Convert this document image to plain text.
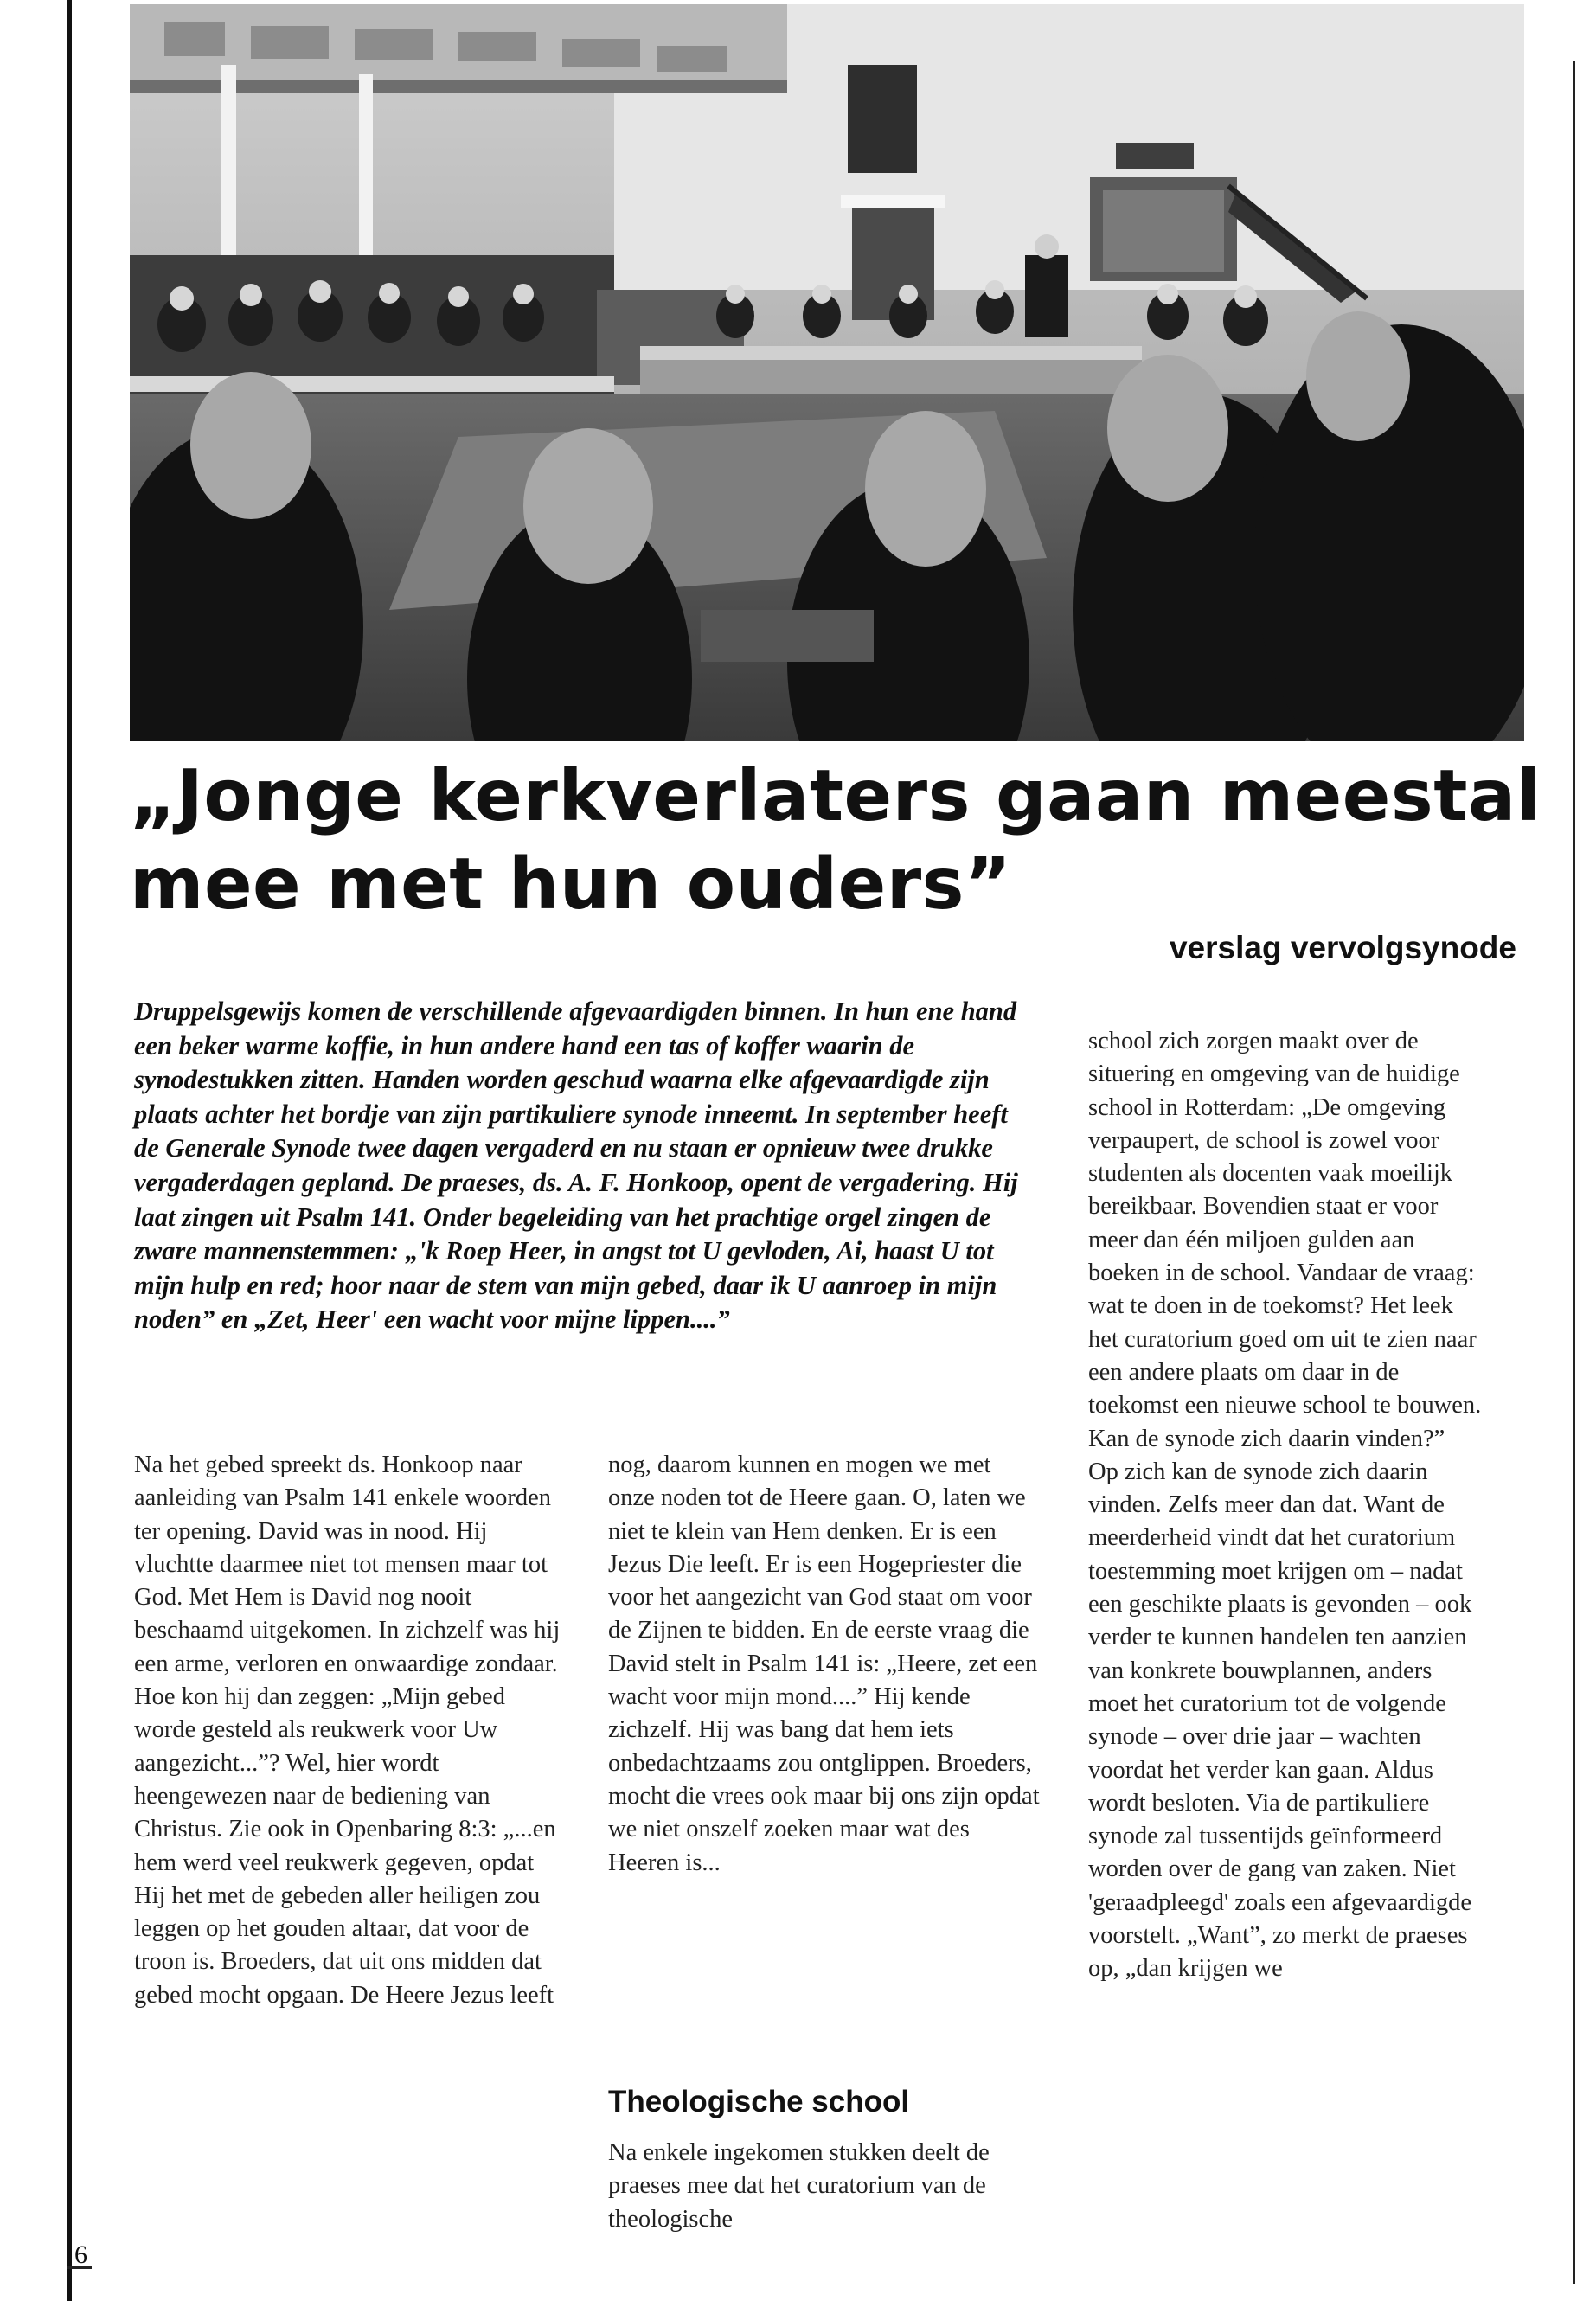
„Jonge kerkverlaters gaan meestal
mee met hun ouders”
verslag vervolgsynode

Druppelsgewijs komen de verschillende afgevaardigden binnen. In hun ene hand een beker warme koffie, in hun andere hand een tas of koffer waarin de synodestukken zitten. Handen worden geschud waarna elke afgevaardigde zijn plaats achter het bordje van zijn partikuliere synode inneemt. In september heeft de Generale Synode twee dagen vergaderd en nu staan er opnieuw twee drukke vergaderdagen gepland. De praeses, ds. A. F. Honkoop, opent de vergadering. Hij laat zingen uit Psalm 141. Onder begeleiding van het prachtige orgel zingen de zware mannenstemmen: „'k Roep Heer, in angst tot U gevloden, Ai, haast U tot mijn hulp en red; hoor naar de stem van mijn gebed, daar ik U aanroep in mijn noden” en „Zet, Heer' een wacht voor mijne lippen....”

Na het gebed spreekt ds. Honkoop naar aanleiding van Psalm 141 enkele woorden ter opening. David was in nood. Hij vluchtte daarmee niet tot mensen maar tot God. Met Hem is David nog nooit beschaamd uitgekomen. In zichzelf was hij een arme, verloren en onwaardige zondaar. Hoe kon hij dan zeggen: „Mijn gebed worde gesteld als reukwerk voor Uw aangezicht...”? Wel, hier wordt heengewezen naar de bediening van Christus. Zie ook in Openbaring 8:3: „...en hem werd veel reukwerk gegeven, opdat Hij het met de gebeden aller heiligen zou leggen op het gouden altaar, dat voor de troon is. Broeders, dat uit ons midden dat gebed mocht opgaan. De Heere Jezus leeft

nog, daarom kunnen en mogen we met onze noden tot de Heere gaan. O, laten we niet te klein van Hem denken. Er is een Jezus Die leeft. Er is een Hogepriester die voor het aangezicht van God staat om voor de Zijnen te bidden. En de eerste vraag die David stelt in Psalm 141 is: „Heere, zet een wacht voor mijn mond....” Hij kende zichzelf. Hij was bang dat hem iets onbedachtzaams zou ontglippen. Broeders, mocht die vrees ook maar bij ons zijn opdat we niet onszelf zoeken maar wat des Heeren is...

Theologische school

Na enkele ingekomen stukken deelt de praeses mee dat het curatorium van de theologische

school zich zorgen maakt over de situering en omgeving van de huidige school in Rotterdam: „De omgeving verpaupert, de school is zowel voor studenten als docenten vaak moeilijk bereikbaar. Bovendien staat er voor meer dan één miljoen gulden aan boeken in de school. Vandaar de vraag: wat te doen in de toekomst? Het leek het curatorium goed om uit te zien naar een andere plaats om daar in de toekomst een nieuwe school te bouwen. Kan de synode zich daarin vinden?”

Op zich kan de synode zich daarin vinden. Zelfs meer dan dat. Want de meerderheid vindt dat het curatorium toestemming moet krijgen om – nadat een geschikte plaats is gevonden – ook verder te kunnen handelen ten aanzien van konkrete bouwplannen, anders moet het curatorium tot de volgende synode – over drie jaar – wachten voordat het verder kan gaan. Aldus wordt besloten. Via de partikuliere synode zal tussentijds geïnformeerd worden over de gang van zaken. Niet 'geraadpleegd' zoals een afgevaardigde voorstelt. „Want”, zo merkt de praeses op, „dan krijgen we

6
